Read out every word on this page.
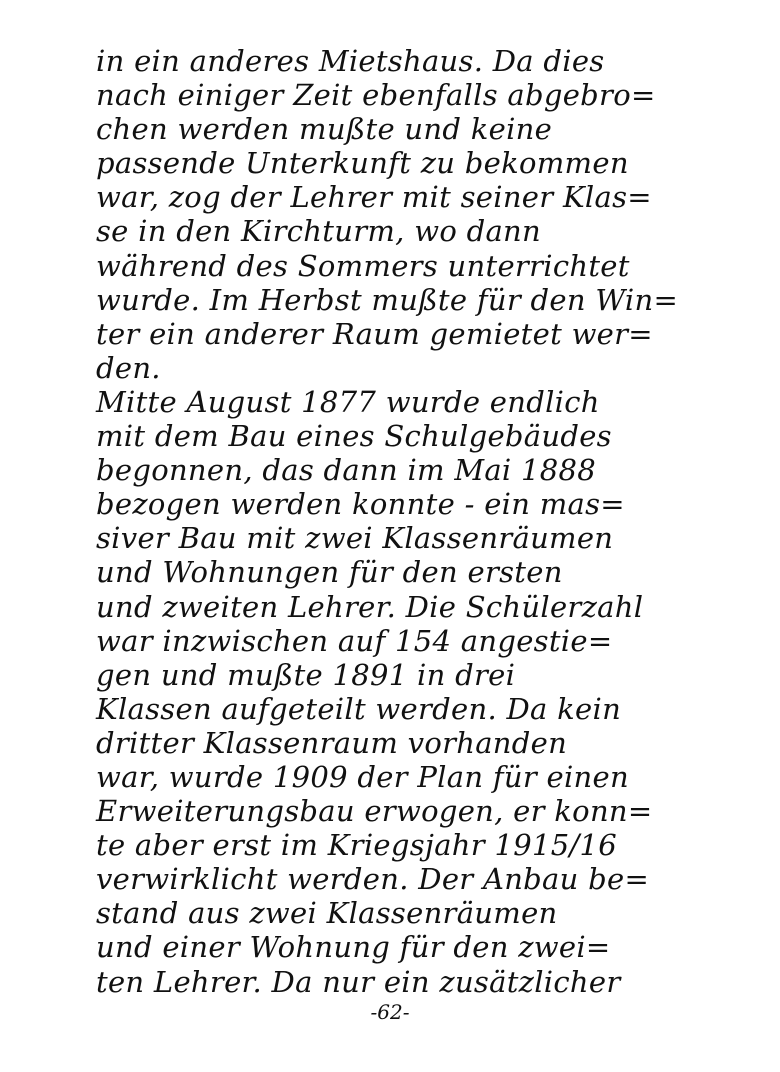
in ein anderes Mietshaus. Da dies
nach einiger Zeit ebenfalls abgebro=
chen werden mußte und keine
passende Unterkunft zu bekommen
war, zog der Lehrer mit seiner Klas=
se in den Kirchturm, wo dann
während des Sommers unterrichtet
wurde. Im Herbst mußte für den Win=
ter ein anderer Raum gemietet wer=
den.
Mitte August 1877 wurde endlich
mit dem Bau eines Schulgebäudes
begonnen, das dann im Mai 1888
bezogen werden konnte - ein mas=
siver Bau mit zwei Klassenräumen
und Wohnungen für den ersten
und zweiten Lehrer. Die Schülerzahl
war inzwischen auf 154 angestie=
gen und mußte 1891 in drei
Klassen aufgeteilt werden. Da kein
dritter Klassenraum vorhanden
war, wurde 1909 der Plan für einen
Erweiterungsbau erwogen, er konn=
te aber erst im Kriegsjahr 1915/16
verwirklicht werden. Der Anbau be=
stand aus zwei Klassenräumen
und einer Wohnung für den zwei=
ten Lehrer. Da nur ein zusätzlicher
-62-
